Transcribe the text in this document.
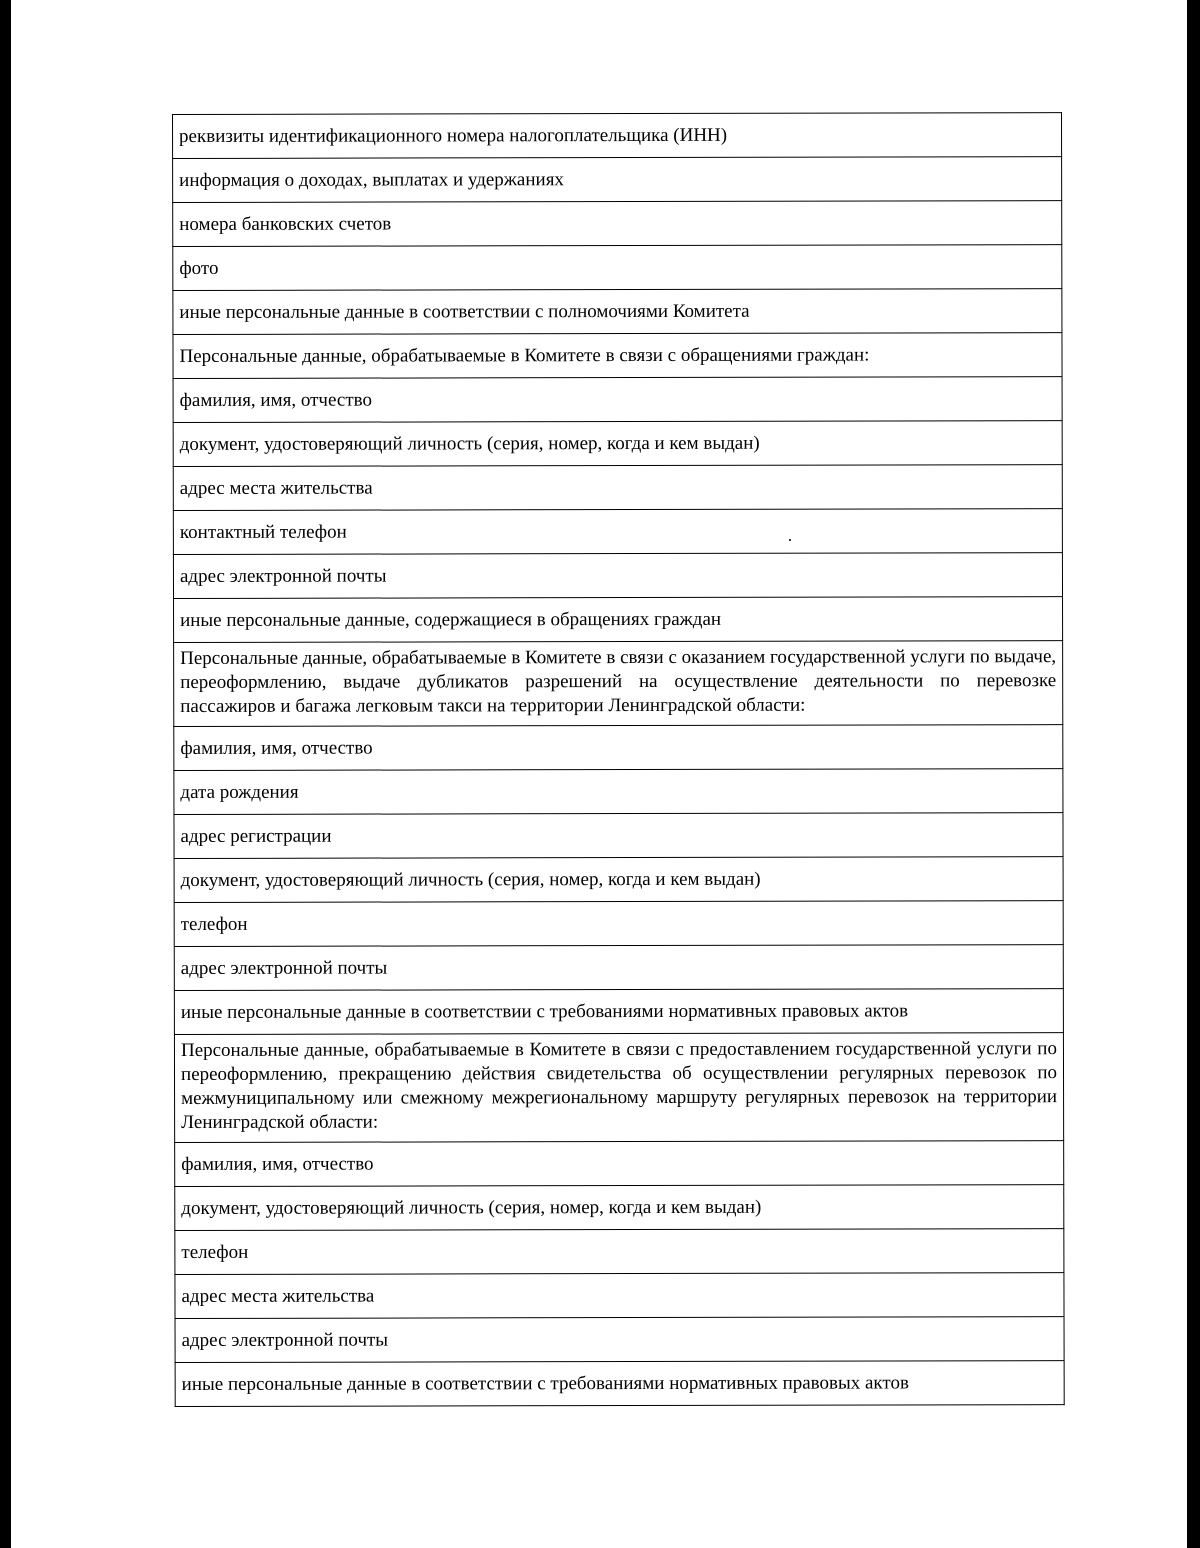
реквизиты идентификационного номера налогоплательщика (ИНН)
информация о доходах, выплатах и удержаниях
номера банковских счетов
фото
иные персональные данные в соответствии с полномочиями Комитета
Персональные данные, обрабатываемые в Комитете в связи с обращениями граждан:
фамилия, имя, отчество
документ, удостоверяющий личность (серия, номер, когда и кем выдан)
адрес места жительства
контактный телефон
адрес электронной почты
иные персональные данные, содержащиеся в обращениях граждан
Персональные данные, обрабатываемые в Комитете в связи с оказанием государственной услуги по выдаче, переоформлению, выдаче дубликатов разрешений на осуществление деятельности по перевозке пассажиров и багажа легковым такси на территории Ленинградской области:
фамилия, имя, отчество
дата рождения
адрес регистрации
документ, удостоверяющий личность (серия, номер, когда и кем выдан)
телефон
адрес электронной почты
иные персональные данные в соответствии с требованиями нормативных правовых актов
Персональные данные, обрабатываемые в Комитете в связи с предоставлением государственной услуги по переоформлению, прекращению действия свидетельства об осуществлении регулярных перевозок по межмуниципальному или смежному межрегиональному маршруту регулярных перевозок на территории Ленинградской области:
фамилия, имя, отчество
документ, удостоверяющий личность (серия, номер, когда и кем выдан)
телефон
адрес места жительства
адрес электронной почты
иные персональные данные в соответствии с требованиями нормативных правовых актов
